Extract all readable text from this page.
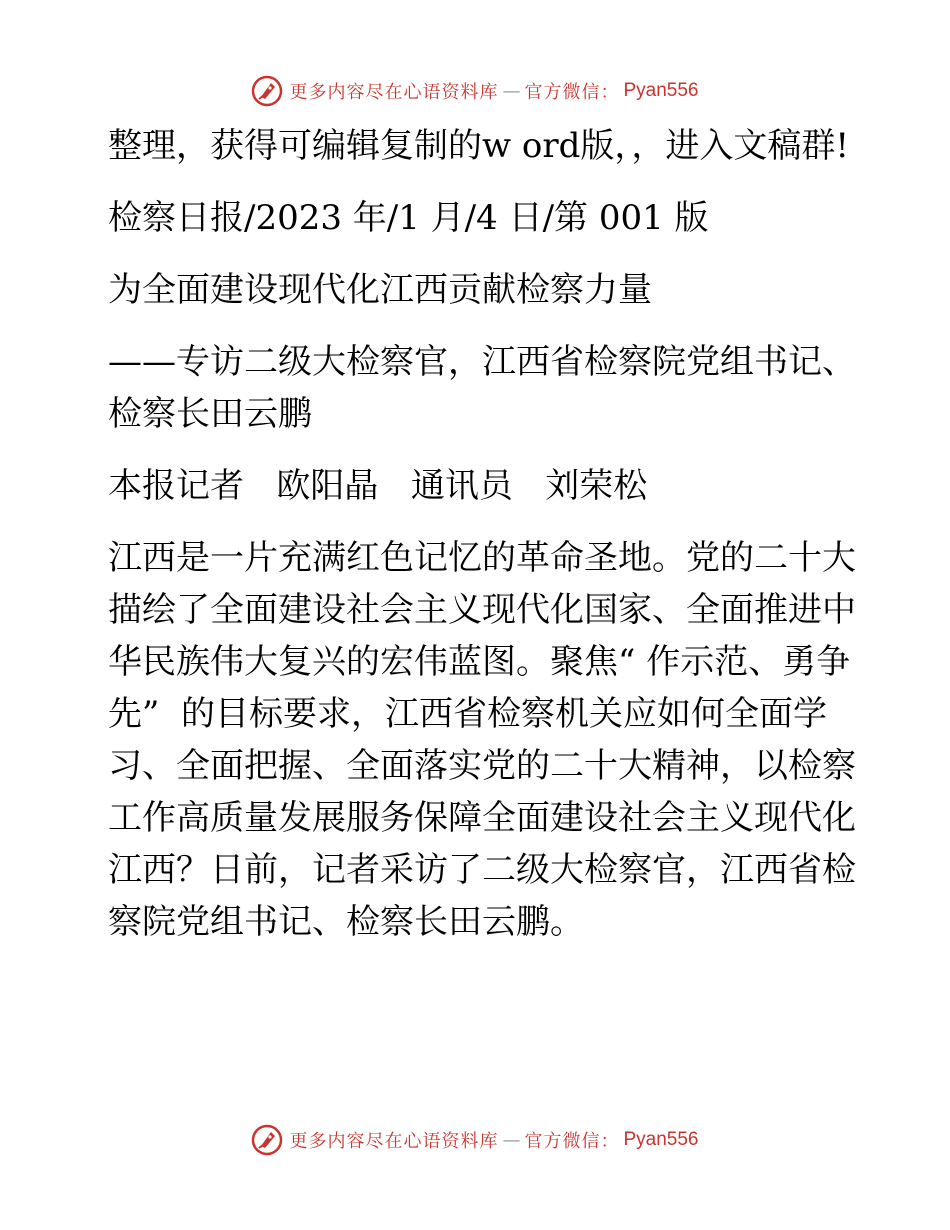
更多内容尽在心语资料库 — 官方微信： Pyan556

整理，获得可编辑复制的w ord版，，进入文稿群!

检察日报/2023 年/1 月/4 日/第 001 版

为全面建设现代化江西贡献检察力量

——专访二级大检察官，江西省检察院党组书记、检察长田云鹏

本报记者   欧阳晶   通讯员   刘荣松

江西是一片充满红色记忆的革命圣地。党的二十大描绘了全面建设社会主义现代化国家、全面推进中华民族伟大复兴的宏伟蓝图。聚焦“ 作示范、勇争先”  的目标要求，江西省检察机关应如何全面学习、全面把握、全面落实党的二十大精神，以检察工作高质量发展服务保障全面建设社会主义现代化江西？日前，记者采访了二级大检察官，江西省检察院党组书记、检察长田云鹏。

更多内容尽在心语资料库 — 官方微信： Pyan556
